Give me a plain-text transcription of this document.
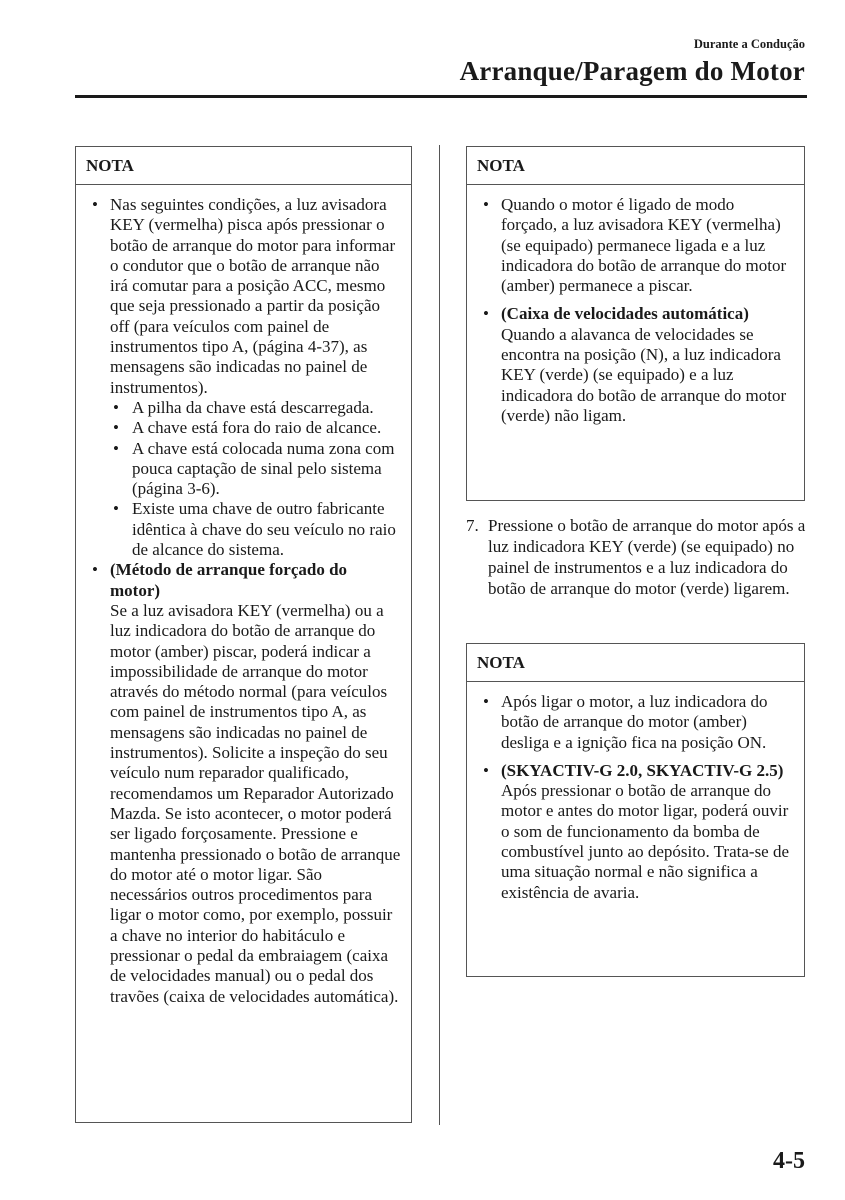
Durante a Condução
Arranque/Paragem do Motor
NOTA
• Nas seguintes condições, a luz avisadora KEY (vermelha) pisca após pressionar o botão de arranque do motor para informar o condutor que o botão de arranque não irá comutar para a posição ACC, mesmo que seja pressionado a partir da posição off (para veículos com painel de instrumentos tipo A, (página 4-37), as mensagens são indicadas no painel de instrumentos).
• A pilha da chave está descarregada.
• A chave está fora do raio de alcance.
• A chave está colocada numa zona com pouca captação de sinal pelo sistema (página 3-6).
• Existe uma chave de outro fabricante idêntica à chave do seu veículo no raio de alcance do sistema.
• (Método de arranque forçado do motor)
Se a luz avisadora KEY (vermelha) ou a luz indicadora do botão de arranque do motor (amber) piscar, poderá indicar a impossibilidade de arranque do motor através do método normal (para veículos com painel de instrumentos tipo A, as mensagens são indicadas no painel de instrumentos). Solicite a inspeção do seu veículo num reparador qualificado, recomendamos um Reparador Autorizado Mazda. Se isto acontecer, o motor poderá ser ligado forçosamente. Pressione e mantenha pressionado o botão de arranque do motor até o motor ligar. São necessários outros procedimentos para ligar o motor como, por exemplo, possuir a chave no interior do habitáculo e pressionar o pedal da embraiagem (caixa de velocidades manual) ou o pedal dos travões (caixa de velocidades automática).
NOTA
• Quando o motor é ligado de modo forçado, a luz avisadora KEY (vermelha) (se equipado) permanece ligada e a luz indicadora do botão de arranque do motor (amber) permanece a piscar.
• (Caixa de velocidades automática)
Quando a alavanca de velocidades se encontra na posição (N), a luz indicadora KEY (verde) (se equipado) e a luz indicadora do botão de arranque do motor (verde) não ligam.
7. Pressione o botão de arranque do motor após a luz indicadora KEY (verde) (se equipado) no painel de instrumentos e a luz indicadora do botão de arranque do motor (verde) ligarem.
NOTA
• Após ligar o motor, a luz indicadora do botão de arranque do motor (amber) desliga e a ignição fica na posição ON.
• (SKYACTIV-G 2.0, SKYACTIV-G 2.5)
Após pressionar o botão de arranque do motor e antes do motor ligar, poderá ouvir o som de funcionamento da bomba de combustível junto ao depósito. Trata-se de uma situação normal e não significa a existência de avaria.
4-5
